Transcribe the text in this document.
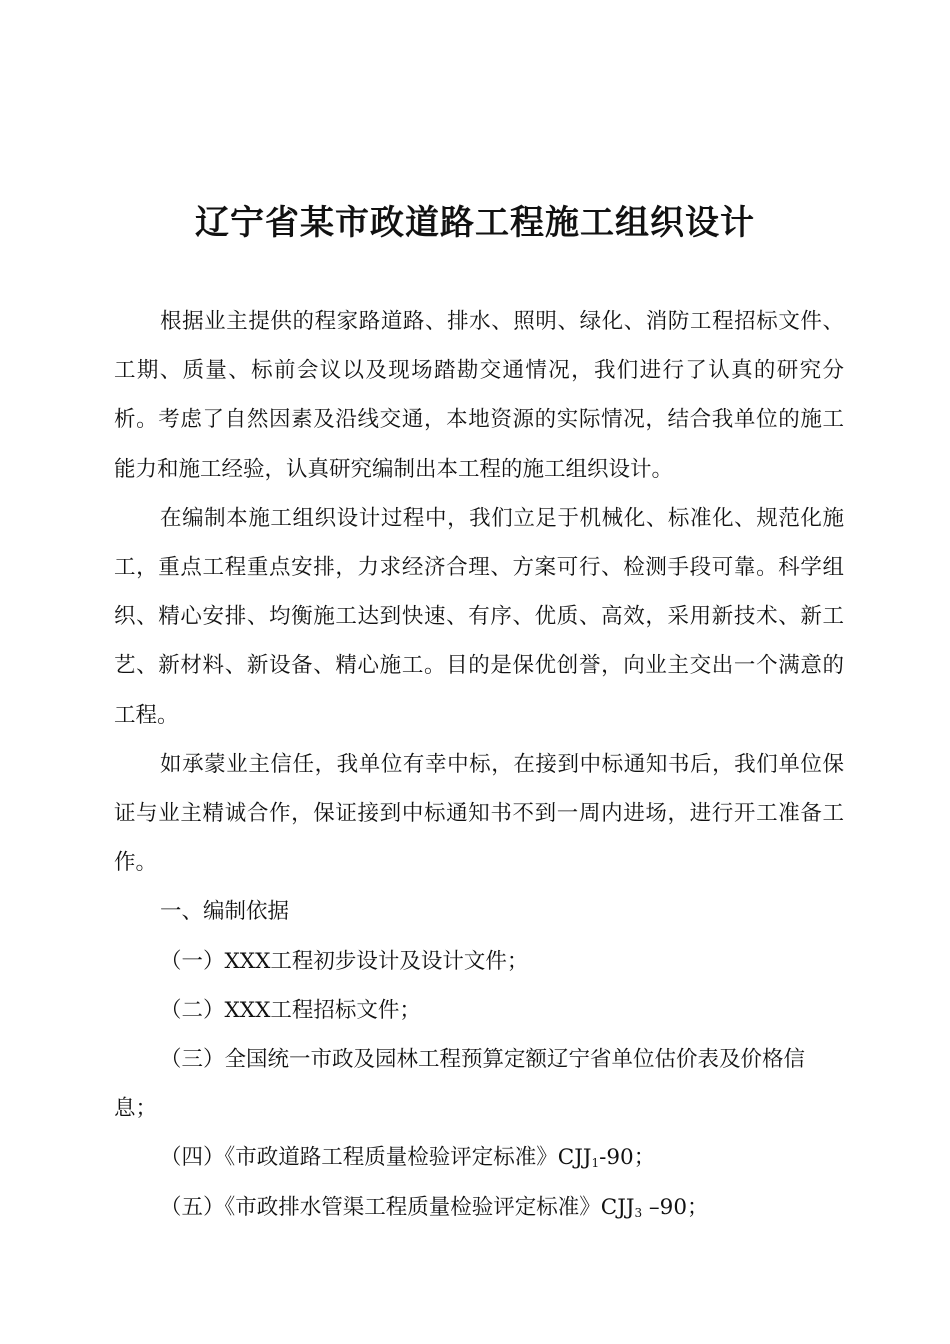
辽宁省某市政道路工程施工组织设计

根据业主提供的程家路道路、排水、照明、绿化、消防工程招标文件、工期、质量、标前会议以及现场踏勘交通情况，我们进行了认真的研究分析。考虑了自然因素及沿线交通，本地资源的实际情况，结合我单位的施工能力和施工经验，认真研究编制出本工程的施工组织设计。

在编制本施工组织设计过程中，我们立足于机械化、标准化、规范化施工，重点工程重点安排，力求经济合理、方案可行、检测手段可靠。科学组织、精心安排、均衡施工达到快速、有序、优质、高效，采用新技术、新工艺、新材料、新设备、精心施工。目的是保优创誉，向业主交出一个满意的工程。

如承蒙业主信任，我单位有幸中标，在接到中标通知书后，我们单位保证与业主精诚合作，保证接到中标通知书不到一周内进场，进行开工准备工作。

一、编制依据

（一）XXX工程初步设计及设计文件；

（二）XXX工程招标文件；

（三）全国统一市政及园林工程预算定额辽宁省单位估价表及价格信息；

（四）《市政道路工程质量检验评定标准》$CJJ_1-90$；

（五）《市政排水管渠工程质量检验评定标准》$CJJ_3$ –90；
